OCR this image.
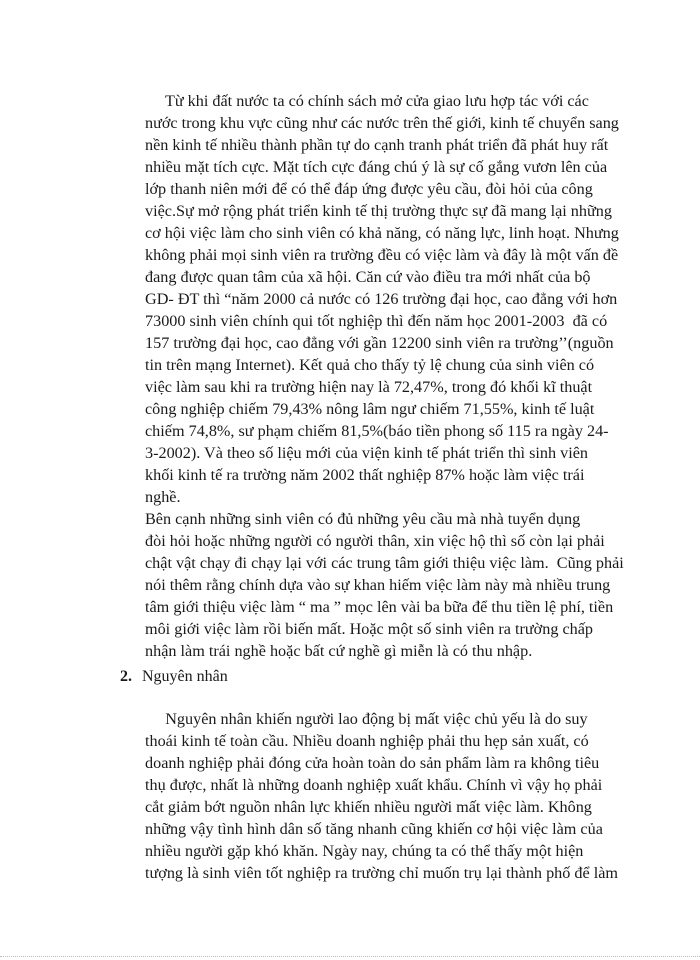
Từ khi đất nước ta có chính sách mở cửa giao lưu hợp tác với các
nước trong khu vực cũng như các nước trên thế giới, kinh tế chuyển sang
nền kinh tế nhiều thành phần tự do cạnh tranh phát triển đã phát huy rất
nhiều mặt tích cực. Mặt tích cực đáng chú ý là sự cố gắng vươn lên của
lớp thanh niên mới để có thể đáp ứng được yêu cầu, đòi hỏi của công
việc.Sự mở rộng phát triển kinh tế thị trường thực sự đã mang lại những
cơ hội việc làm cho sinh viên có khả năng, có năng lực, linh hoạt. Nhưng
không phải mọi sinh viên ra trường đều có việc làm và đây là một vấn đề
đang được quan tâm của xã hội. Căn cứ vào điều tra mới nhất của bộ
GD- ĐT thì “năm 2000 cả nước có 126 trường đại học, cao đẳng với hơn
73000 sinh viên chính qui tốt nghiệp thì đến năm học 2001-2003  đã có
157 trường đại học, cao đẳng với gần 12200 sinh viên ra trường’’(nguồn
tin trên mạng Internet). Kết quả cho thấy tỷ lệ chung của sinh viên có
việc làm sau khi ra trường hiện nay là 72,47%, trong đó khối kĩ thuật
công nghiệp chiếm 79,43% nông lâm ngư chiếm 71,55%, kinh tế luật
chiếm 74,8%, sư phạm chiếm 81,5%(báo tiền phong số 115 ra ngày 24-
3-2002). Và theo số liệu mới của viện kinh tế phát triển thì sinh viên
khối kinh tế ra trường năm 2002 thất nghiệp 87% hoặc làm việc trái
nghề.
Bên cạnh những sinh viên có đủ những yêu cầu mà nhà tuyển dụng
đòi hỏi hoặc những người có người thân, xin việc hộ thì số còn lại phải
chật vật chạy đi chạy lại với các trung tâm giới thiệu việc làm.  Cũng phải
nói thêm rằng chính dựa vào sự khan hiếm việc làm này mà nhiều trung
tâm giới thiệu việc làm “ ma ” mọc lên vài ba bữa để thu tiền lệ phí, tiền
môi giới việc làm rồi biến mất. Hoặc một số sinh viên ra trường chấp
nhận làm trái nghề hoặc bất cứ nghề gì miễn là có thu nhập.
2. Nguyên nhân
Nguyên nhân khiến người lao động bị mất việc chủ yếu là do suy
thoái kinh tế toàn cầu. Nhiều doanh nghiệp phải thu hẹp sản xuất, có
doanh nghiệp phải đóng cửa hoàn toàn do sản phẩm làm ra không tiêu
thụ được, nhất là những doanh nghiệp xuất khẩu. Chính vì vậy họ phải
cắt giảm bớt nguồn nhân lực khiến nhiều người mất việc làm. Không
những vậy tình hình dân số tăng nhanh cũng khiến cơ hội việc làm của
nhiều người gặp khó khăn. Ngày nay, chúng ta có thể thấy một hiện
tượng là sinh viên tốt nghiệp ra trường chỉ muốn trụ lại thành phố để làm
